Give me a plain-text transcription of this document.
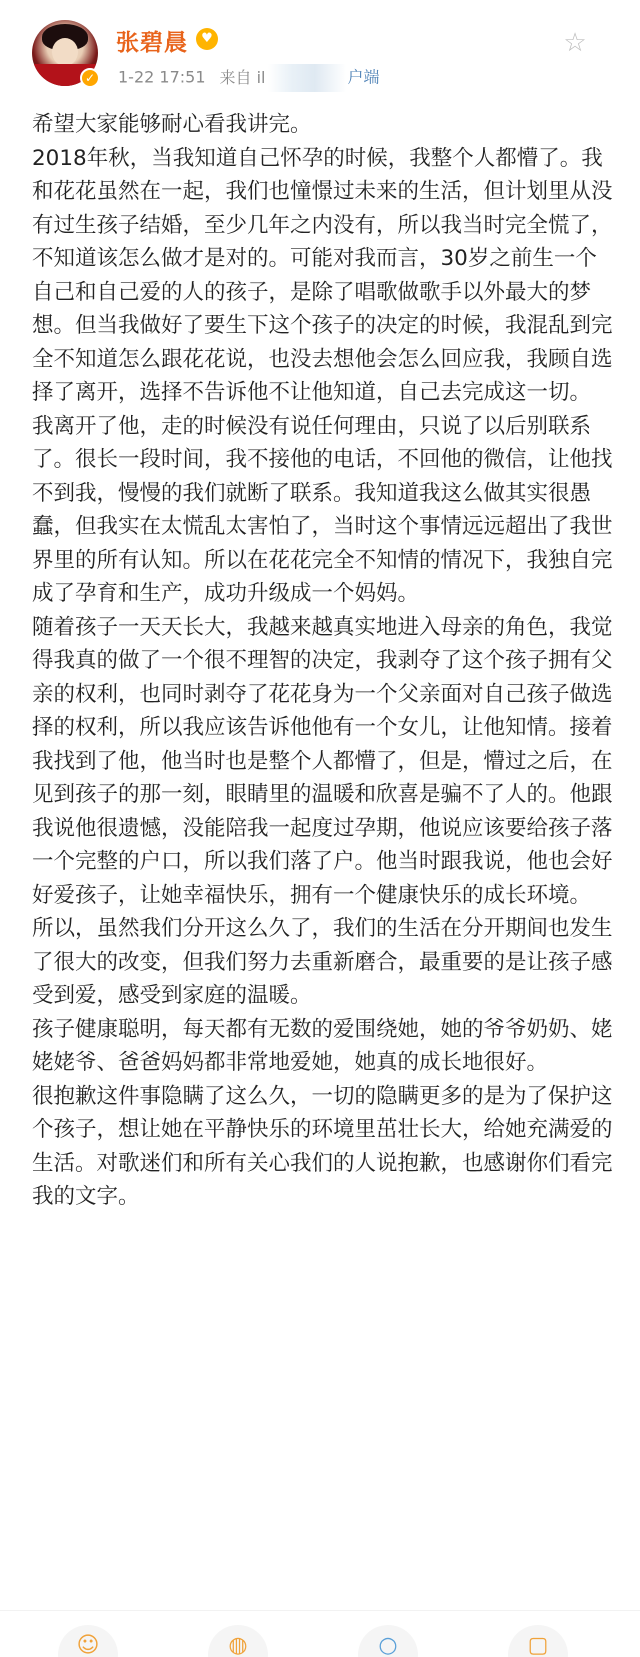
✓
张碧晨	♥
1-22 17:51 来自 il	户端
☆

希望大家能够耐心看我讲完。

2018年秋，当我知道自己怀孕的时候，我整个人都懵了。我和花花虽然在一起，我们也憧憬过未来的生活，但计划里从没有过生孩子结婚，至少几年之内没有，所以我当时完全慌了，不知道该怎么做才是对的。可能对我而言，30岁之前生一个自己和自己爱的人的孩子，是除了唱歌做歌手以外最大的梦想。但当我做好了要生下这个孩子的决定的时候，我混乱到完全不知道怎么跟花花说，也没去想他会怎么回应我，我顾自选择了离开，选择不告诉他不让他知道，自己去完成这一切。

我离开了他，走的时候没有说任何理由，只说了以后别联系了。很长一段时间，我不接他的电话，不回他的微信，让他找不到我，慢慢的我们就断了联系。我知道我这么做其实很愚蠢，但我实在太慌乱太害怕了，当时这个事情远远超出了我世界里的所有认知。所以在花花完全不知情的情况下，我独自完成了孕育和生产，成功升级成一个妈妈。

随着孩子一天天长大，我越来越真实地进入母亲的角色，我觉得我真的做了一个很不理智的决定，我剥夺了这个孩子拥有父亲的权利，也同时剥夺了花花身为一个父亲面对自己孩子做选择的权利，所以我应该告诉他他有一个女儿，让他知情。接着我找到了他，他当时也是整个人都懵了，但是，懵过之后，在见到孩子的那一刻，眼睛里的温暖和欣喜是骗不了人的。他跟我说他很遗憾，没能陪我一起度过孕期，他说应该要给孩子落一个完整的户口，所以我们落了户。他当时跟我说，他也会好好爱孩子，让她幸福快乐，拥有一个健康快乐的成长环境。

所以，虽然我们分开这么久了，我们的生活在分开期间也发生了很大的改变，但我们努力去重新磨合，最重要的是让孩子感受到爱，感受到家庭的温暖。

孩子健康聪明，每天都有无数的爱围绕她，她的爷爷奶奶、姥姥姥爷、爸爸妈妈都非常地爱她，她真的成长地很好。

很抱歉这件事隐瞒了这么久，一切的隐瞒更多的是为了保护这个孩子，想让她在平静快乐的环境里茁壮长大，给她充满爱的生活。对歌迷们和所有关心我们的人说抱歉，也感谢你们看完我的文字。

☺	◍	○	▢
